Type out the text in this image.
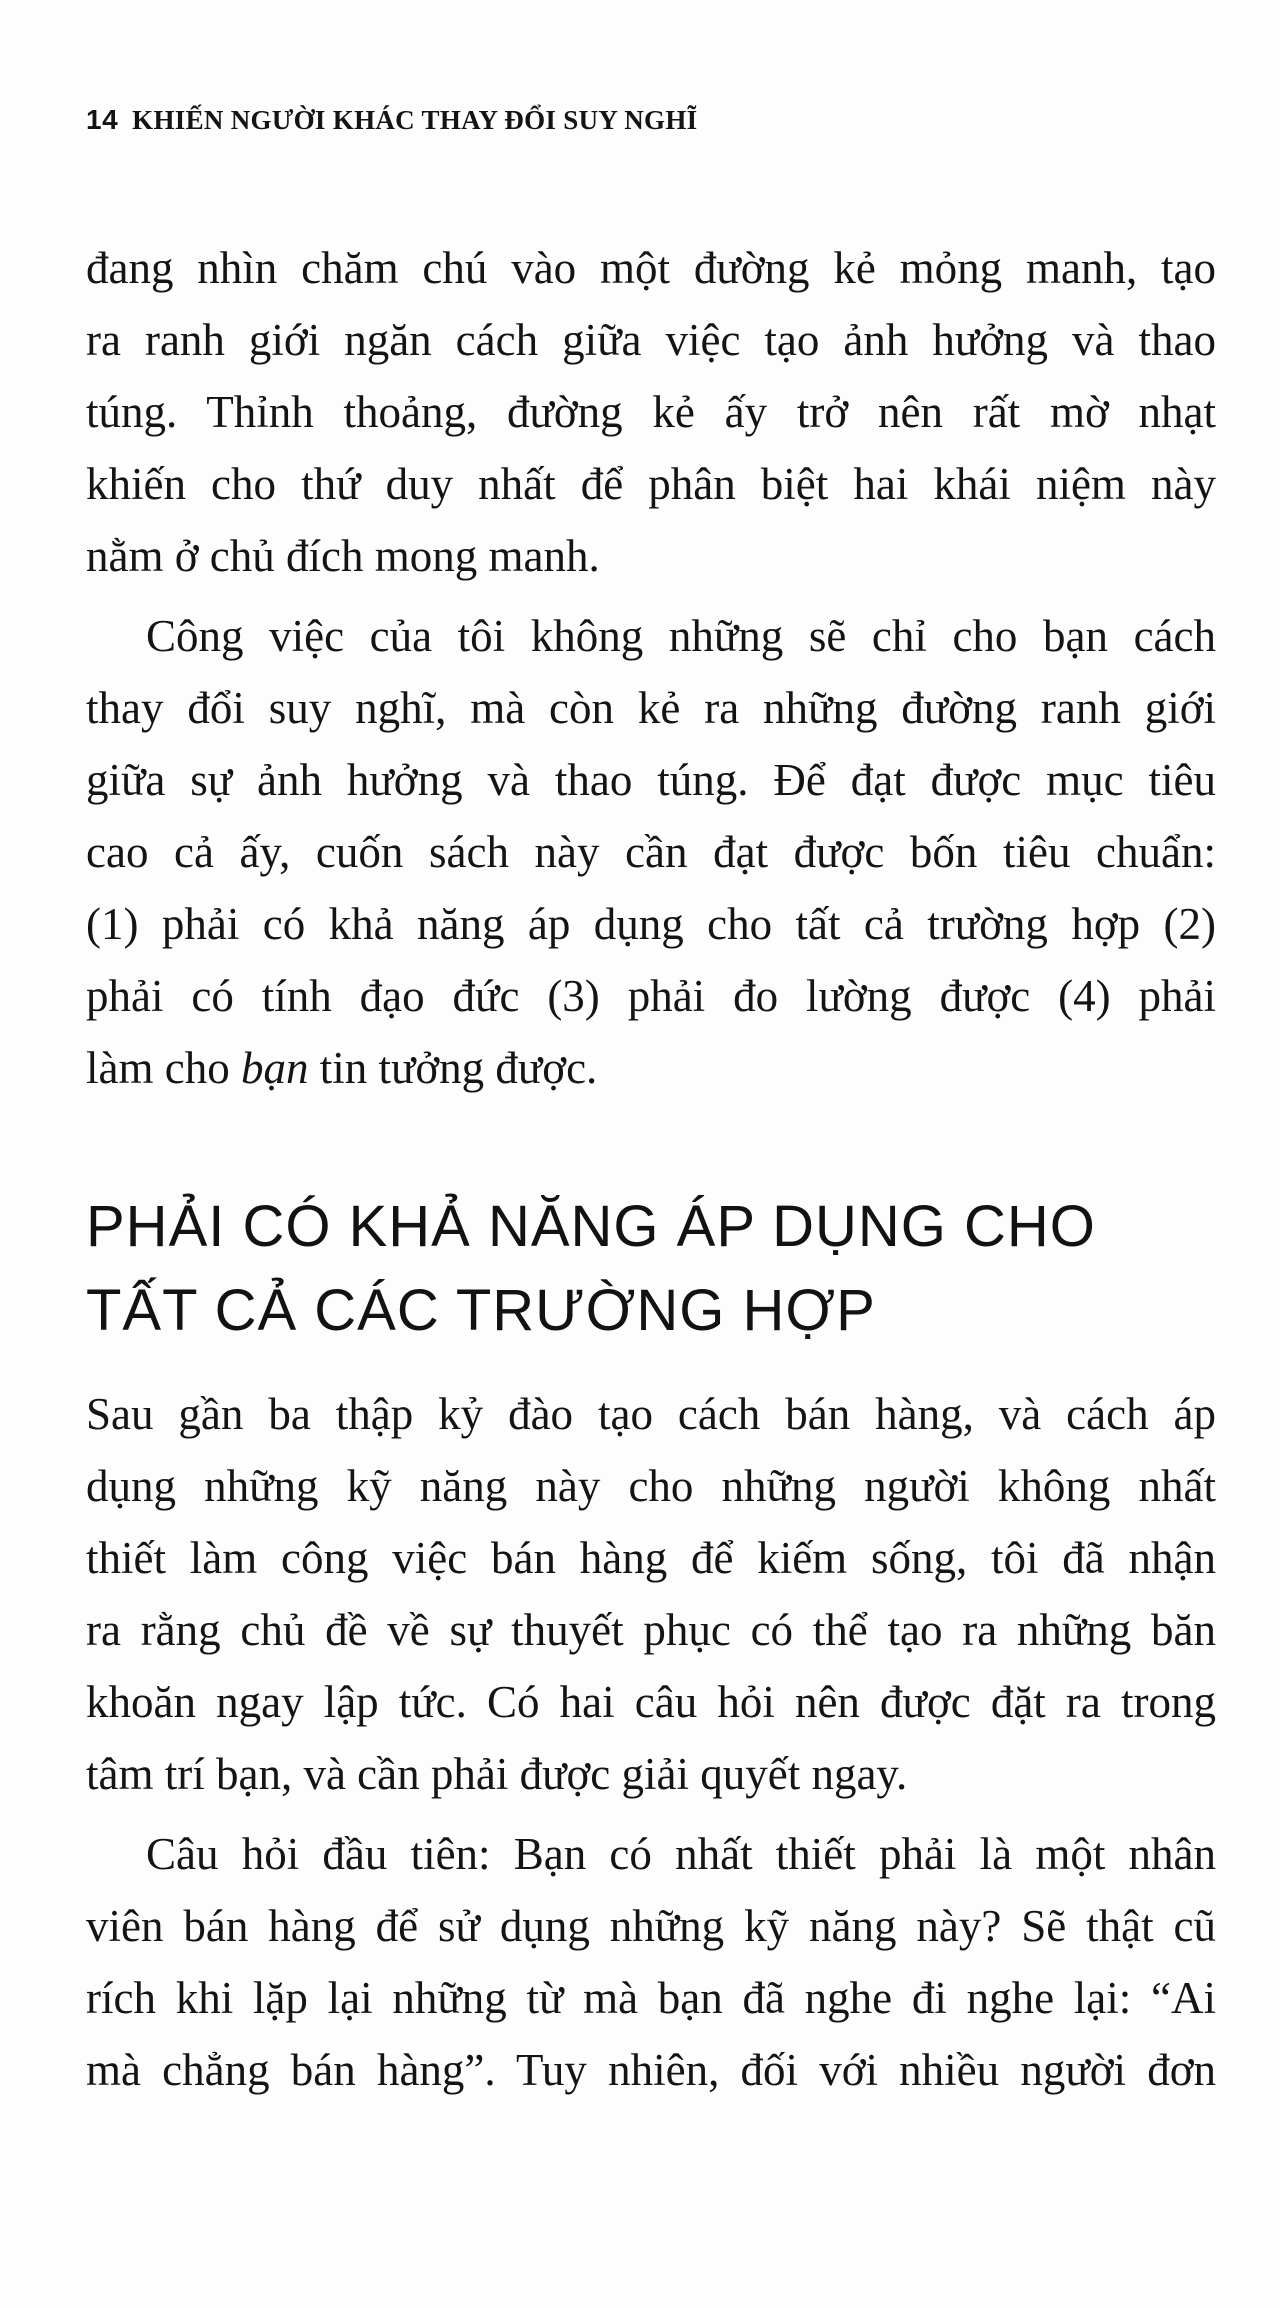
14 KHIẾN NGƯỜI KHÁC THAY ĐỔI SUY NGHĨ
đang nhìn chăm chú vào một đường kẻ mỏng manh, tạo
ra ranh giới ngăn cách giữa việc tạo ảnh hưởng và thao
túng. Thỉnh thoảng, đường kẻ ấy trở nên rất mờ nhạt
khiến cho thứ duy nhất để phân biệt hai khái niệm này
nằm ở chủ đích mong manh.
Công việc của tôi không những sẽ chỉ cho bạn cách
thay đổi suy nghĩ, mà còn kẻ ra những đường ranh giới
giữa sự ảnh hưởng và thao túng. Để đạt được mục tiêu
cao cả ấy, cuốn sách này cần đạt được bốn tiêu chuẩn:
(1) phải có khả năng áp dụng cho tất cả trường hợp (2)
phải có tính đạo đức (3) phải đo lường được (4) phải
làm cho bạn tin tưởng được.
PHẢI CÓ KHẢ NĂNG ÁP DỤNG CHO
TẤT CẢ CÁC TRƯỜNG HỢP
Sau gần ba thập kỷ đào tạo cách bán hàng, và cách áp
dụng những kỹ năng này cho những người không nhất
thiết làm công việc bán hàng để kiếm sống, tôi đã nhận
ra rằng chủ đề về sự thuyết phục có thể tạo ra những băn
khoăn ngay lập tức. Có hai câu hỏi nên được đặt ra trong
tâm trí bạn, và cần phải được giải quyết ngay.
Câu hỏi đầu tiên: Bạn có nhất thiết phải là một nhân
viên bán hàng để sử dụng những kỹ năng này? Sẽ thật cũ
rích khi lặp lại những từ mà bạn đã nghe đi nghe lại: “Ai
mà chẳng bán hàng”. Tuy nhiên, đối với nhiều người đơn
